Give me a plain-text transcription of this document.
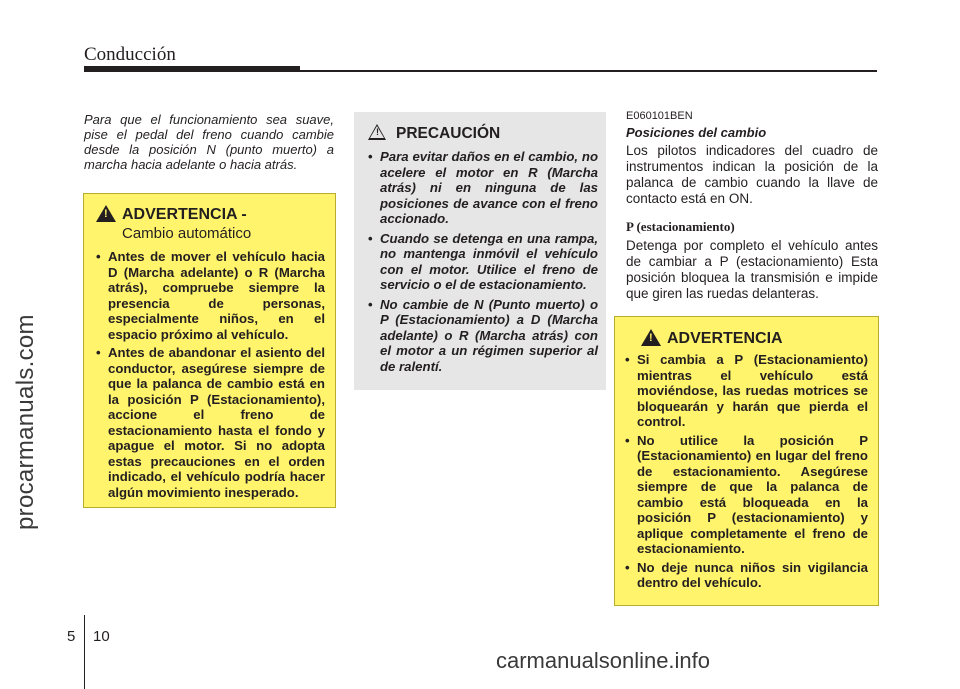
Conducción
procarmanuals.com
Para que el funcionamiento sea suave, pise el pedal del freno cuando cambie desde la posición N (punto muerto) a marcha hacia adelante o hacia atrás.
! ADVERTENCIA -
Cambio automático
• Antes de mover el vehículo hacia D (Marcha adelante) o R (Marcha atrás), compruebe siempre la presencia de personas, especialmente niños, en el espacio próximo al vehículo.
• Antes de abandonar el asiento del conductor, asegúrese siempre de que la palanca de cambio está en la posición P (Estacionamiento), accione el freno de estacionamiento hasta el fondo y apague el motor. Si no adopta estas precauciones en el orden indicado, el vehículo podría hacer algún movimiento inesperado.
! PRECAUCIÓN
• Para evitar daños en el cambio, no acelere el motor en R (Marcha atrás) ni en ninguna de las posiciones de avance con el freno accionado.
• Cuando se detenga en una rampa, no mantenga inmóvil el vehículo con el motor. Utilice el freno de servicio o el de estacionamiento.
• No cambie de N (Punto muerto) o P (Estacionamiento) a D (Marcha adelante) o R (Marcha atrás) con el motor a un régimen superior al de ralentí.
E060101BEN
Posiciones del cambio
Los pilotos indicadores del cuadro de instrumentos indican la posición de la palanca de cambio cuando la llave de contacto está en ON.
P (estacionamiento)
Detenga por completo el vehículo antes de cambiar a P (estacionamiento) Esta posición bloquea la transmisión e impide que giren las ruedas delanteras.
! ADVERTENCIA
• Si cambia a P (Estacionamiento) mientras el vehículo está moviéndose, las ruedas motrices se bloquearán y harán que pierda el control.
• No utilice la posición P (Estacionamiento) en lugar del freno de estacionamiento. Asegúrese siempre de que la palanca de cambio está bloqueada en la posición P (estacionamiento) y aplique completamente el freno de estacionamiento.
• No deje nunca niños sin vigilancia dentro del vehículo.
5 10
carmanualsonline.info
